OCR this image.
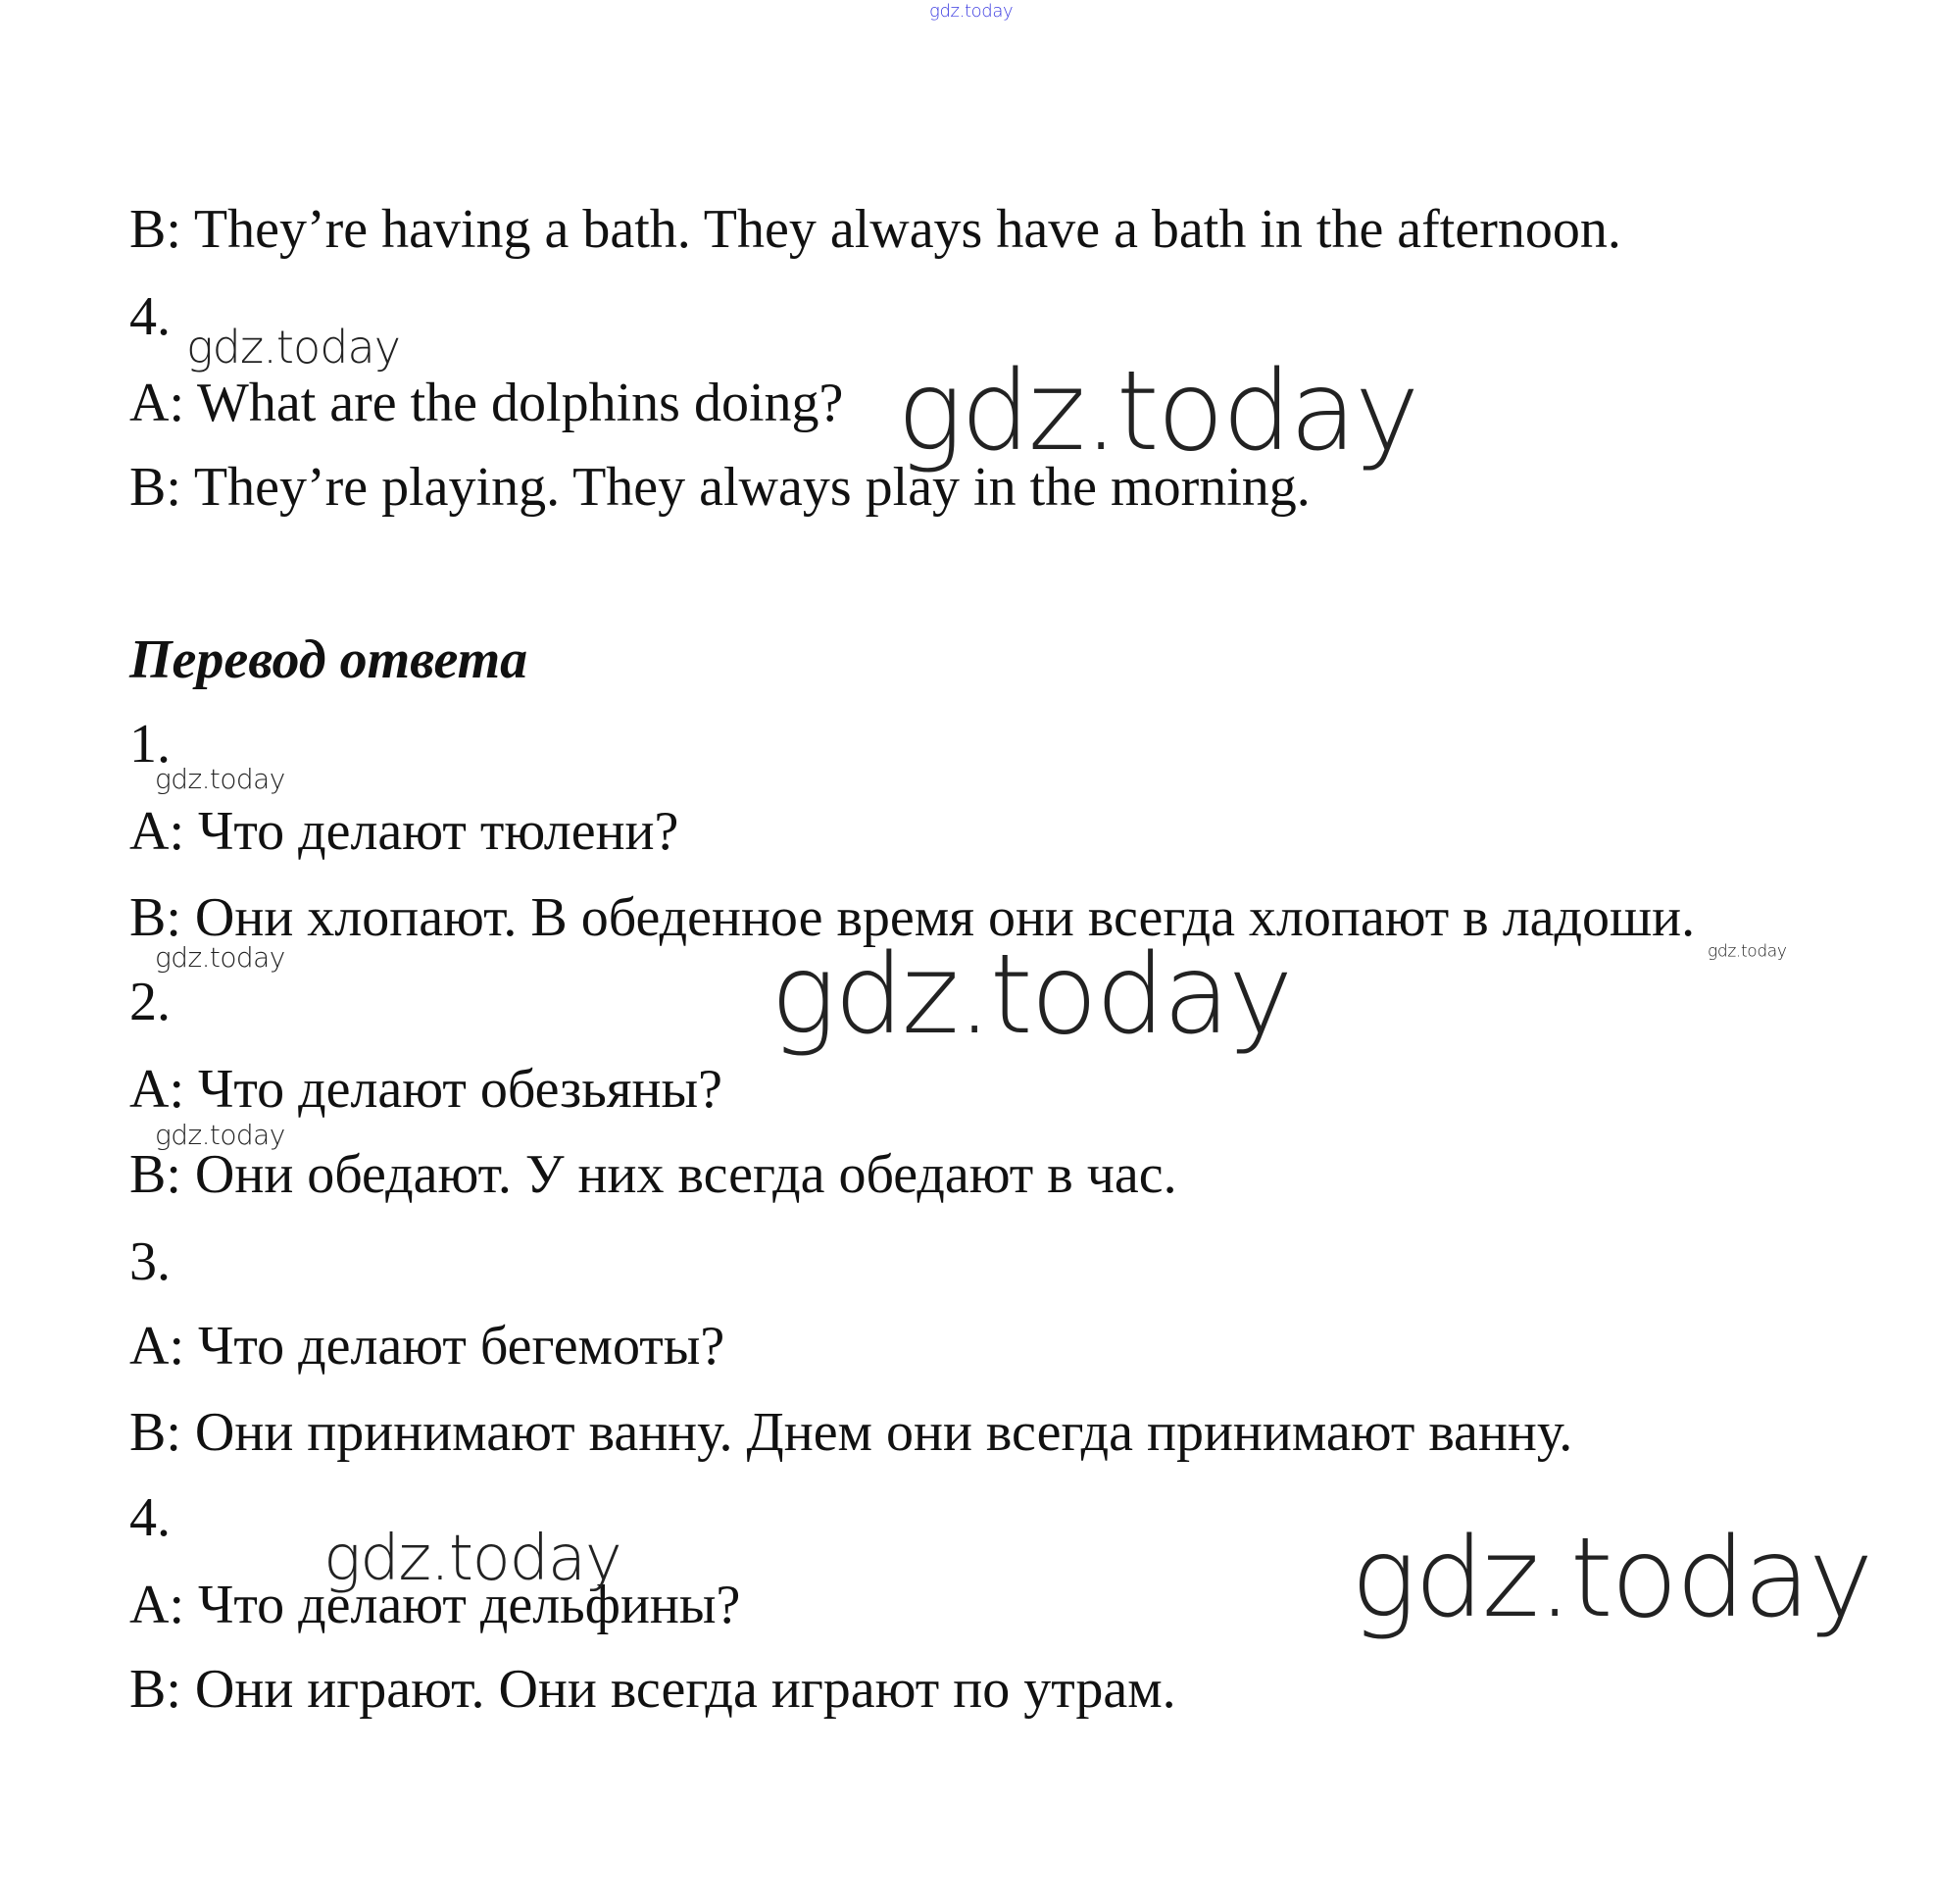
gdz.today
B: They’re having a bath. They always have a bath in the afternoon.
4.
A: What are the dolphins doing?
B: They’re playing. They always play in the morning.
Перевод ответа
1.
A: Что делают тюлени?
B: Они хлопают. В обеденное время они всегда хлопают в ладоши.
2.
A: Что делают обезьяны?
B: Они обедают. У них всегда обедают в час.
3.
A: Что делают бегемоты?
B: Они принимают ванну. Днем они всегда принимают ванну.
4.
A: Что делают дельфины?
B: Они играют. Они всегда играют по утрам.
gdz.today
gdz.today
gdz.today
gdz.today	gdz.today
gdz.today
gdz.today
gdz.today	gdz.today
